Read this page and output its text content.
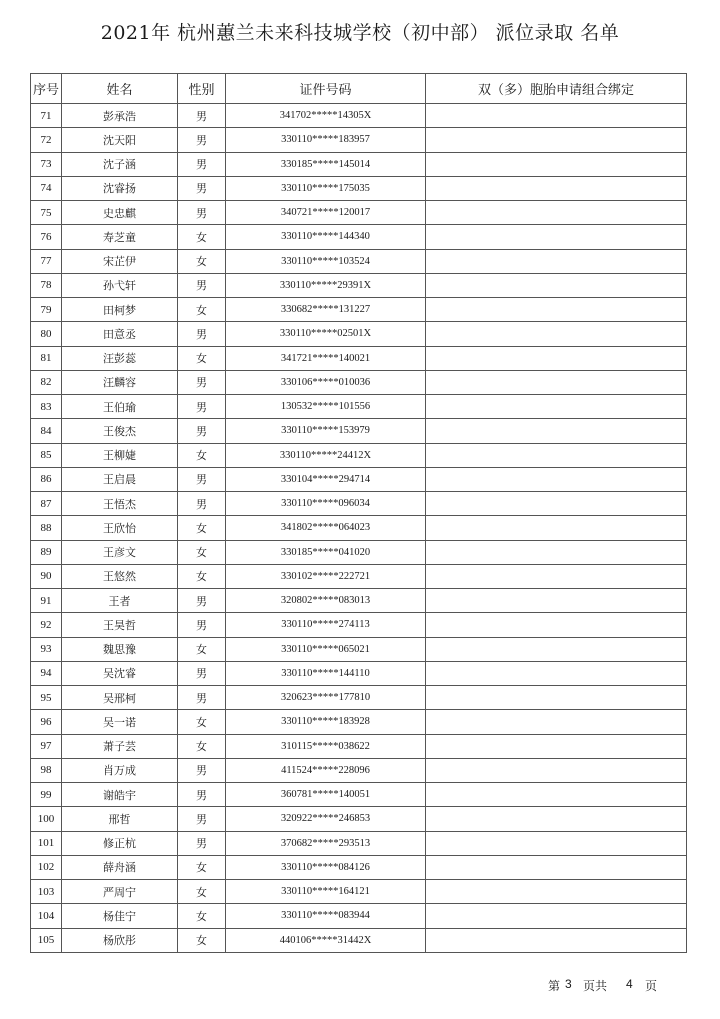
2021年 杭州蕙兰未来科技城学校（初中部） 派位录取 名单
序号	姓名	性别	证件号码	双（多）胞胎申请组合绑定
71	彭承浩	男	341702*****14305X	
72	沈天阳	男	330110*****183957	
73	沈子涵	男	330185*****145014	
74	沈睿扬	男	330110*****175035	
75	史忠麒	男	340721*****120017	
76	寿芝童	女	330110*****144340	
77	宋芷伊	女	330110*****103524	
78	孙弋轩	男	330110*****29391X	
79	田柯梦	女	330682*****131227	
80	田意丞	男	330110*****02501X	
81	汪彭蕊	女	341721*****140021	
82	汪麟容	男	330106*****010036	
83	王伯瑜	男	130532*****101556	
84	王俊杰	男	330110*****153979	
85	王柳婕	女	330110*****24412X	
86	王启晨	男	330104*****294714	
87	王悟杰	男	330110*****096034	
88	王欣怡	女	341802*****064023	
89	王彦文	女	330185*****041020	
90	王悠然	女	330102*****222721	
91	王者	男	320802*****083013	
92	王昊哲	男	330110*****274113	
93	魏思豫	女	330110*****065021	
94	吴沈睿	男	330110*****144110	
95	吴邢柯	男	320623*****177810	
96	吴一诺	女	330110*****183928	
97	萧子芸	女	310115*****038622	
98	肖万成	男	411524*****228096	
99	谢皓宇	男	360781*****140051	
100	邢哲	男	320922*****246853	
101	修正杭	男	370682*****293513	
102	薛舟涵	女	330110*****084126	
103	严周宁	女	330110*****164121	
104	杨佳宁	女	330110*****083944	
105	杨欣彤	女	440106*****31442X	
第 3 页共 4 页
